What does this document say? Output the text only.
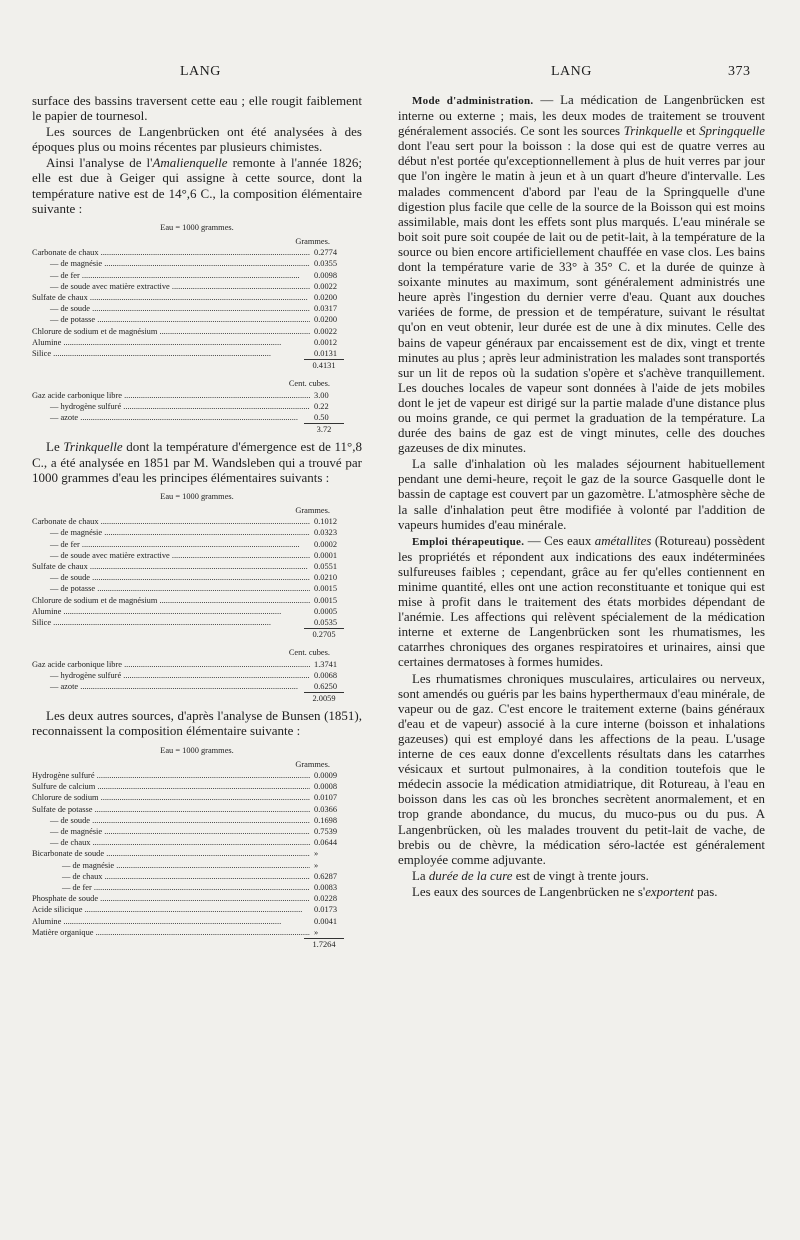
LANG	LANG	373

surface des bassins traversent cette eau ; elle rougit faiblement le papier de tournesol.

Les sources de Langenbrücken ont été analysées à des époques plus ou moins récentes par plusieurs chimistes.

Ainsi l'analyse de l'Amalienquelle remonte à l'année 1826; elle est due à Geiger qui assigne à cette source, dont la température native est de 14°,6 C., la composition élémentaire suivante :

Eau = 1000 grammes.
Grammes.
Carbonate de chaux .....	0.2774
— de magnésie .....	0.0355
— de fer .....	0.0098
— de soude avec matière extractive .....	0.0022
Sulfate de chaux .....	0.0200
— de soude .....	0.0317
— de potasse .....	0.0200
Chlorure de sodium et de magnésium .....	0.0022
Alumine .....	0.0012
Silice .....	0.0131
0.4131
Cent. cubes.
Gaz acide carbonique libre .....	3.00
— hydrogène sulfuré .....	0.22
— azote .....	0.50
3.72

Le Trinkquelle dont la température d'émergence est de 11°,8 C., a été analysée en 1851 par M. Wandsleben qui a trouvé par 1000 grammes d'eau les principes élémentaires suivants :

Eau = 1000 grammes.
Grammes.
Carbonate de chaux .....	0.1012
— de magnésie .....	0.0323
— de fer .....	0.0002
— de soude avec matière extractive .....	0.0001
Sulfate de chaux .....	0.0551
— de soude .....	0.0210
— de potasse .....	0.0015
Chlorure de sodium et de magnésium .....	0.0015
Alumine .....	0.0005
Silice .....	0.0535
0.2705
Cent. cubes.
Gaz acide carbonique libre .....	1.3741
— hydrogène sulfuré .....	0.0068
— azote .....	0.6250
2.0059

Les deux autres sources, d'après l'analyse de Bunsen (1851), reconnaissent la composition élémentaire suivante :

Eau = 1000 grammes.
Grammes.
Hydrogène sulfuré .....	0.0009
Sulfure de calcium .....	0.0008
Chlorure de sodium .....	0.0107
Sulfate de potasse .....	0.0366
— de soude .....	0.1698
— de magnésie .....	0.7539
— de chaux .....	0.0644
Bicarbonate de soude .....	»
— de magnésie .....	»
— de chaux .....	0.6287
— de fer .....	0.0083
Phosphate de soude .....	0.0228
Acide silicique .....	0.0173
Alumine .....	0.0041
Matière organique .....	»
1.7264

Mode d'administration. — La médication de Langenbrücken est interne ou externe ; mais, les deux modes de traitement se trouvent généralement associés. Ce sont les sources Trinkquelle et Springquelle dont l'eau sert pour la boisson : la dose qui est de quatre verres au début n'est portée qu'exceptionnellement à plus de huit verres par jour que l'on ingère le matin à jeun et à un quart d'heure d'intervalle. Les malades commencent d'abord par l'eau de la Springquelle d'une digestion plus facile que celle de la source de la Boisson qui est moins assimilable, mais dont les effets sont plus marqués. L'eau minérale se boit soit pure soit coupée de lait ou de petit-lait, à la température de la source ou bien encore artificiellement chauffée en vase clos. Les bains dont la température varie de 33° à 35° C. et la durée de quinze à soixante minutes au maximum, sont généralement administrés une heure après l'ingestion du dernier verre d'eau. Quant aux douches variées de forme, de pression et de température, suivant le résultat qu'on en veut obtenir, leur durée est de une à dix minutes. Celle des bains de vapeur généraux par encaissement est de dix, vingt et trente minutes au plus ; après leur administration les malades sont transportés sur un lit de repos où la sudation s'opère et s'achève tranquillement. Les douches locales de vapeur sont données à l'aide de jets mobiles dont le jet de vapeur est dirigé sur la partie malade d'une distance plus ou moins grande, ce qui permet la graduation de la température. La durée des bains de gaz est de vingt minutes, celle des douches gazeuses de dix minutes.

La salle d'inhalation où les malades séjournent habituellement pendant une demi-heure, reçoit le gaz de la source Gasquelle dont le bassin de captage est couvert par un gazomètre. L'atmosphère sèche de la salle d'inhalation peut être modifiée à volonté par l'addition de vapeurs humides d'eau minérale.

Emploi thérapeutique. — Ces eaux amétallites (Rotureau) possèdent les propriétés et répondent aux indications des eaux indéterminées sulfureuses faibles ; cependant, grâce au fer qu'elles contiennent en minime quantité, elles ont une action reconstituante et tonique qui est mise à profit dans le traitement des états morbides dépendant de l'anémie. Les affections qui relèvent spécialement de la médication interne et externe de Langenbrücken sont les rhumatismes, les catarrhes chroniques des organes respiratoires et urinaires, ainsi que certaines dermatoses à formes humides.

Les rhumatismes chroniques musculaires, articulaires ou nerveux, sont amendés ou guéris par les bains hyperthermaux d'eau minérale, de vapeur ou de gaz. C'est encore le traitement externe (bains généraux d'eau et de vapeur) associé à la cure interne (boisson et inhalations gazeuses) qui est employé dans les affections de la peau. L'usage interne de ces eaux donne d'excellents résultats dans les catarrhes vésicaux et surtout pulmonaires, à la condition toutefois que le médecin associe la médication atmidiatrique, dit Rotureau, à l'eau en boisson dans les cas où les bronches secrètent anormalement, et en trop grande abondance, du mucus, du muco-pus ou du pus. A Langenbrücken, où les malades trouvent du petit-lait de vache, de brebis ou de chèvre, la médication séro-lactée est généralement employée comme adjuvante.

La durée de la cure est de vingt à trente jours.

Les eaux des sources de Langenbrücken ne s'exportent pas.
